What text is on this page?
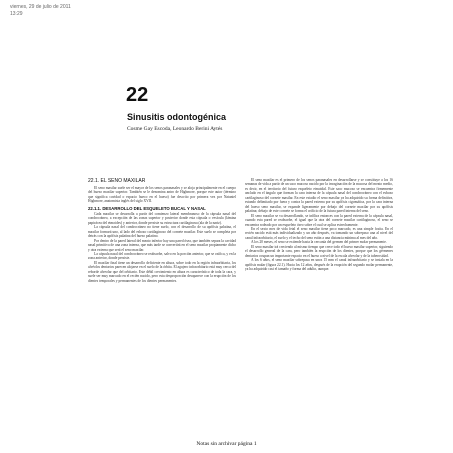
viernes, 29 de julio de 2011
13:29
22
Sinusitis odontogénica
Cosme Gay Escoda, Leonardo Berini Aytés
22.1. EL SENO MAXILAR

El seno maxilar suele ser el mayor de los senos paranasales y se aloja principalmente en el cuerpo del hueso maxilar superior. También se le denomina antro de Highmore, porque este autor (término que significa cavidad o espacio hueco en el hueso) fue descrito por primera vez por Nataniel Highmore, anatomista inglés del siglo XVII.

22.1.1. DESARROLLO DEL ESQUELETO BUCAL Y NASAL

Cada maxilar se desarrolla a partir del comienzo lateral membranoso de la cápsula nasal del condrocráneo, a excepción de las zonas superior y posterior donde esta cápsula o vesícula (lámina papirácea del etmoides) y anterior, donde persiste su estructura cartilaginosa (ala de la nariz).

La cápsula nasal del condrocráneo no tiene suelo, con el desarrollo de su apófisis palatina, el maxilar formará uno, al lado del esbozo cartilaginoso del cornete maxilar. Este suelo se completa por detrás con la apófisis palatina del hueso palatino.

Por dentro de la pared lateral del meato inferior hay una pared ósea, que también separa la cavidad nasal primitiva de una zona interna, que más tarde se convertirá en el seno maxilar propiamente dicho y otra externa que será el seno maxilar.

La cápsula nasal del condrocráneo se reabsorbe, salvo en la porción anterior, que se osifica, y en la zona anterior, donde persiste.

El maxilar final tiene un desarrollo deficiente en altura, sobre todo en la región infraorbitaria, los alvéolos dentarios parecen alojarse en el suelo de la órbita. El agujero infraorbitario está muy cerca del reborde alveolar que del orbitario. Este débil crecimiento en altura es característico de toda la cara, y suele ser muy marcado en el recién nacido, pero esta desproporción desaparece con la erupción de los dientes temporales y permanentes de los dientes permanentes.

El seno maxilar es el primero de los senos paranasales en desarrollarse y se constituye a los 16 semanas de vida a partir de un saco mucoso nacido por la invaginación de la mucosa del meato medio, es decir, en el territorio del futuro esqueleto etmoidal. Este saco mucoso se encuentra firmemente anclado en el ángulo que forman la cara interna de la cápsula nasal del condrocráneo con el esbozo cartilaginoso del cornete maxilar. En este estadio el seno maxilar ya ha adquirido su forma definitiva, estando delimitado por fuera y contra la pared externa por su apófisis cigomática, por la cara interna del hueso seno maxilar, se expande ligeramente por debajo del cornete maxilar por su apófisis palatina; debajo de este cornete se forma el orificio de la futura pared interna del seno.

El seno maxilar se va desarrollando, se infiltra entonces con la pared externa de la cápsula nasal, cuando esta pared se reabsorbe, el igual que la otra del cornete maxilar cartilaginoso, el seno se encuentra rodeado por un esqueleto óseo sobre el cual se aplica estrechamente.

En el sexto mes de vida fetal el seno maxilar tiene poco marcado, es una simple fosita. En el recién nacido está más individualizado y un año después, va tomando un sobrepaso una al nivel del canal infraorbitario, el suelo y el techo del seno están a una distancia mínima al mes del año.

A los 20 meses, el seno se extiende hasta la cercanía del germen del primer molar permanente.

El seno maxilar irá creciendo al mismo tiempo que crece todo el hueso maxilar superior, siguiendo el desarrollo general de la cara, pero también la erupción de los dientes, porque que los gérmenes dentarios ocupan un importante espacio en el hueso a nivel de la escala alveolar y de la tuberosidad.

A los 6 años, el seno maxilar sobrepasa en unos 15 mm el canal infraorbitario y se instala en la apófisis malar (figura 22.1). Hacia los 12 años, después de la erupción del segundo molar permanente, ya ha adquirido casi el tamaño y forma del adulto, aunque.

Notas sin archivar página 1
